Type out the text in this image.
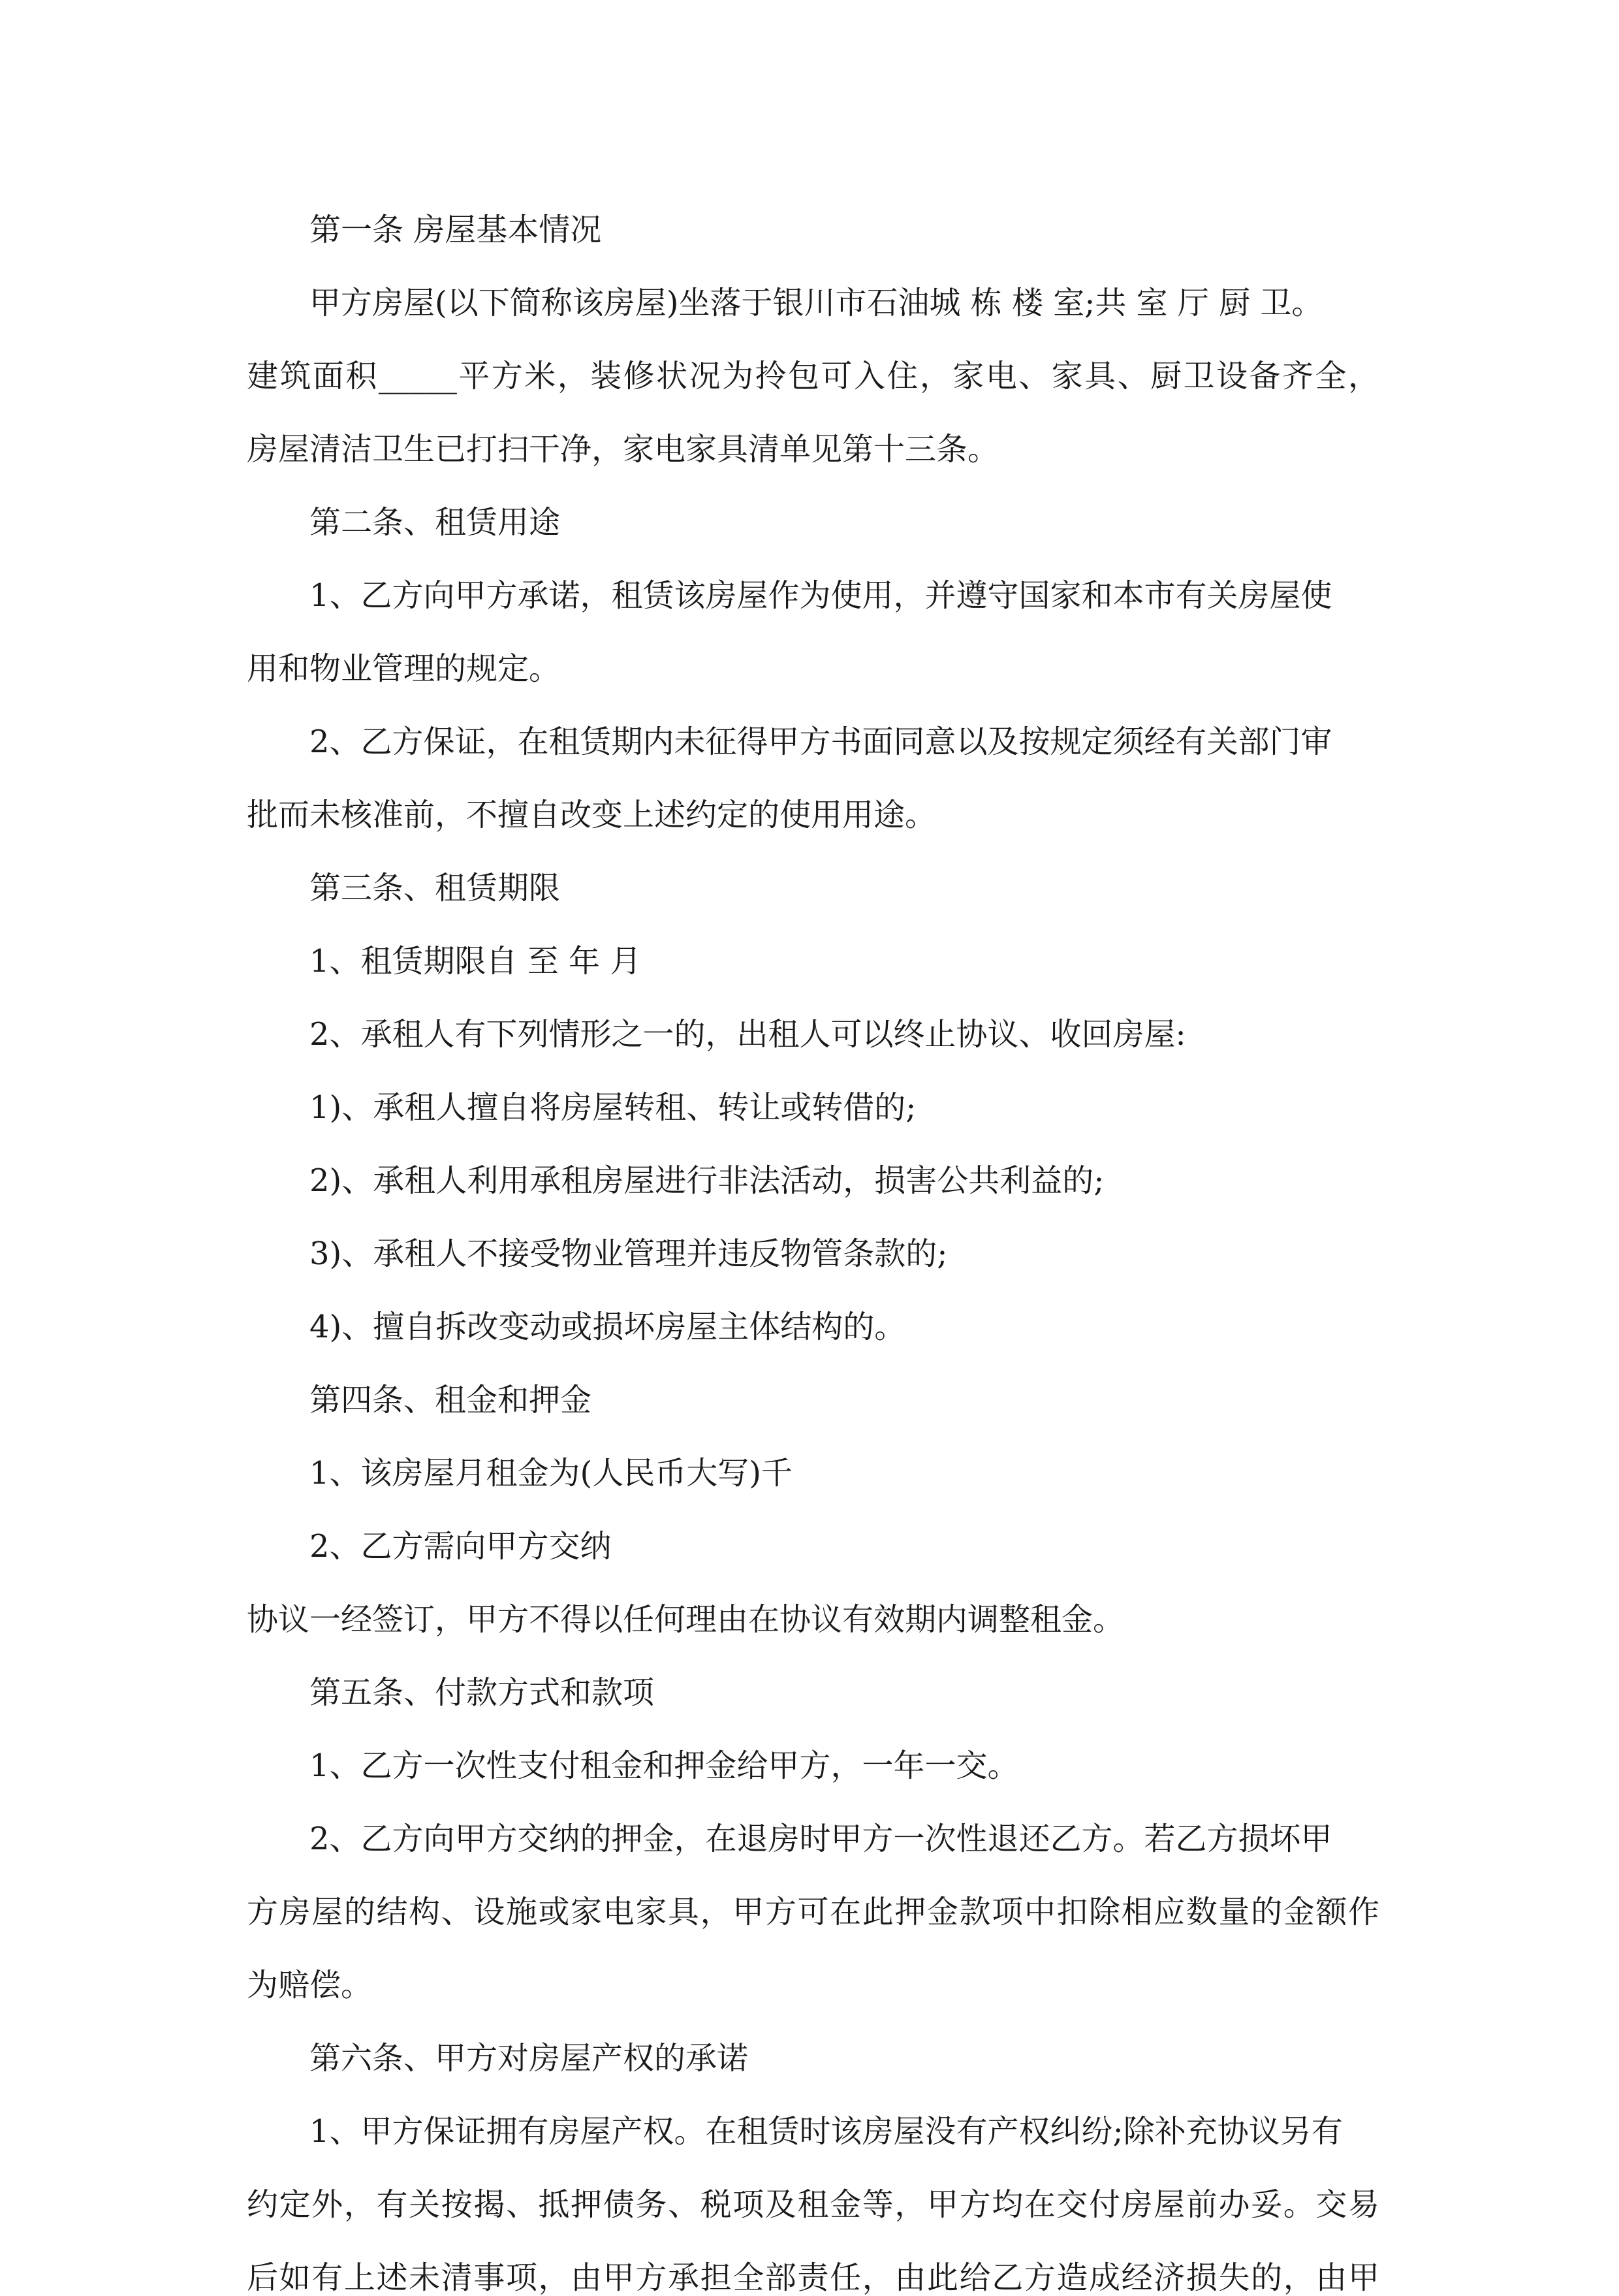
第一条 房屋基本情况
甲方房屋(以下简称该房屋)坐落于银川市石油城 栋 楼 室;共 室 厅 厨 卫。
建筑面积_____平方米，装修状况为拎包可入住，家电、家具、厨卫设备齐全，
房屋清洁卫生已打扫干净，家电家具清单见第十三条。
第二条、租赁用途
1、乙方向甲方承诺，租赁该房屋作为使用，并遵守国家和本市有关房屋使
用和物业管理的规定。
2、乙方保证，在租赁期内未征得甲方书面同意以及按规定须经有关部门审
批而未核准前，不擅自改变上述约定的使用用途。
第三条、租赁期限
1、租赁期限自 至 年 月
2、承租人有下列情形之一的，出租人可以终止协议、收回房屋:
1)、承租人擅自将房屋转租、转让或转借的;
2)、承租人利用承租房屋进行非法活动，损害公共利益的;
3)、承租人不接受物业管理并违反物管条款的;
4)、擅自拆改变动或损坏房屋主体结构的。
第四条、租金和押金
1、该房屋月租金为(人民币大写)千
2、乙方需向甲方交纳
协议一经签订，甲方不得以任何理由在协议有效期内调整租金。
第五条、付款方式和款项
1、乙方一次性支付租金和押金给甲方，一年一交。
2、乙方向甲方交纳的押金，在退房时甲方一次性退还乙方。若乙方损坏甲
方房屋的结构、设施或家电家具，甲方可在此押金款项中扣除相应数量的金额作
为赔偿。
第六条、甲方对房屋产权的承诺
1、甲方保证拥有房屋产权。在租赁时该房屋没有产权纠纷;除补充协议另有
约定外，有关按揭、抵押债务、税项及租金等，甲方均在交付房屋前办妥。交易
后如有上述未清事项，由甲方承担全部责任，由此给乙方造成经济损失的，由甲
